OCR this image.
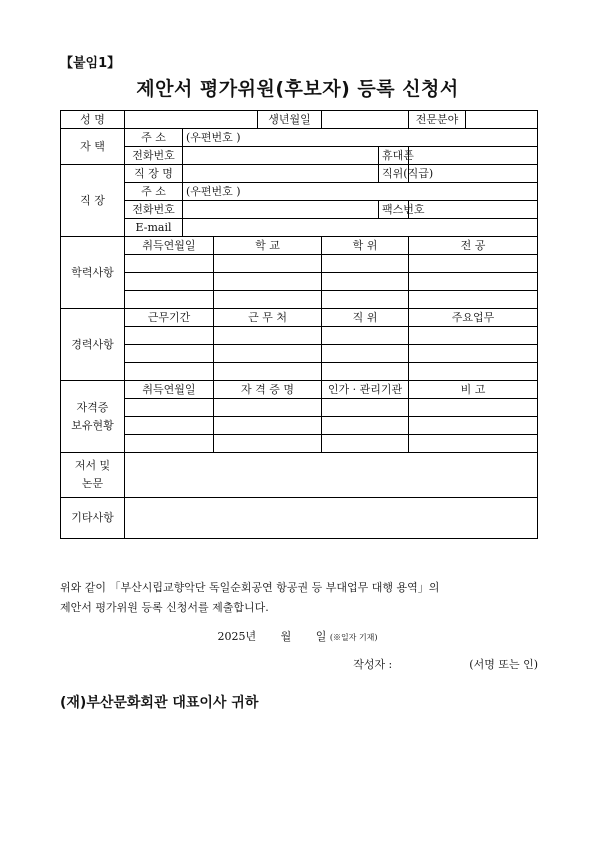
【붙임1】
제안서 평가위원(후보자) 등록 신청서
성 명				생년월일			전문분야	
자 택	주 소	(우편번호 )						
	전화번호					휴대폰		
직 장	직 장 명					직위(직급)		
	주 소	(우편번호 )						
	전화번호					팩스번호		
	E-mail							
학력사항	취득연월일		학 교		학 위		전 공	

경력사항	근무기간		근 무 처		직 위		주요업무	

자격증
보유현황	취득연월일		자 격 증 명		인가 · 관리기관		비 고	

저서 및
논문								

기타사항								
위와 같이 「부산시립교향악단 독일순회공연 항공권 등 부대업무 대행 용역」의
제안서 평가위원 등록 신청서를 제출합니다.
2025년 월 일 (※일자 기재)
작성자 :	(서명 또는 인)
(재)부산문화회관 대표이사 귀하
